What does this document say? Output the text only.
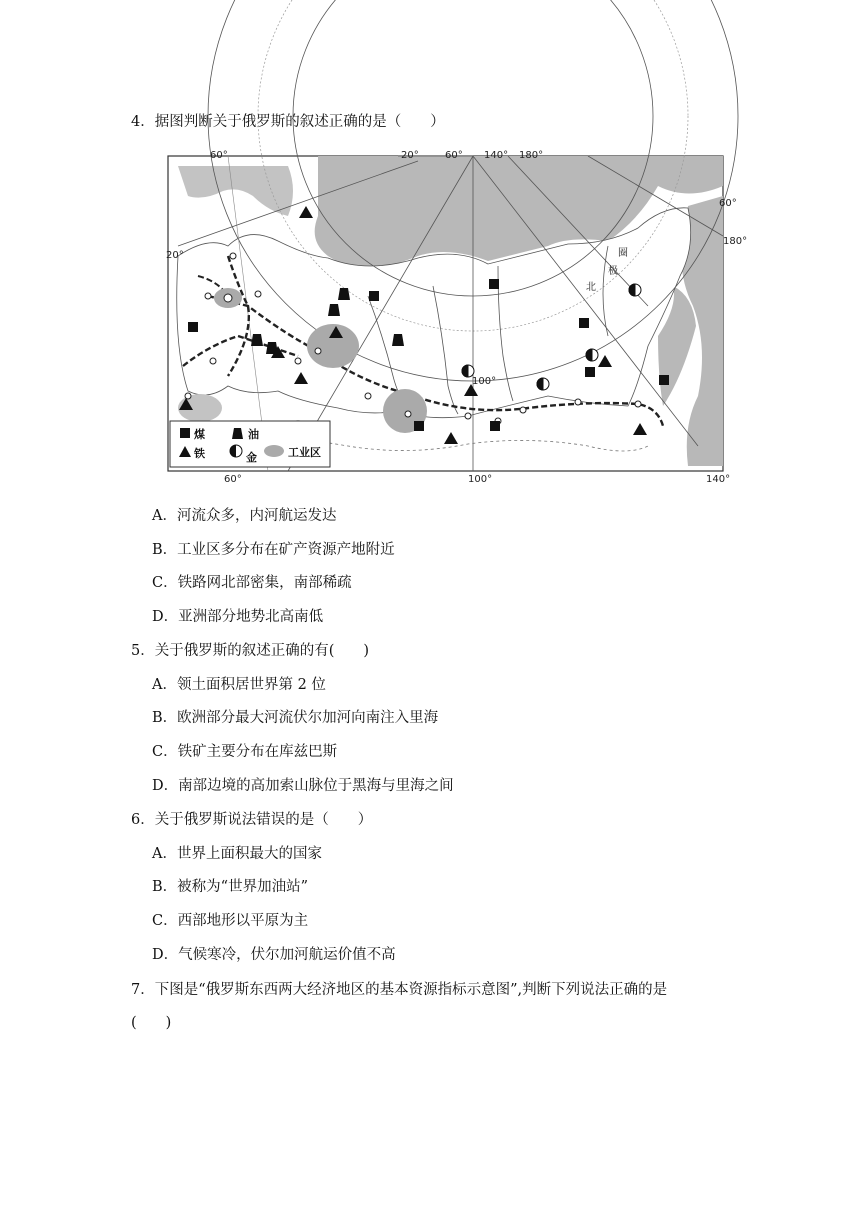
4．据图判断关于俄罗斯的叙述正确的是（　　）
煤	油
铁	金	工业区
60°	20°	60° 140° 180°
60°
180°
20°
60°	100°	140°
100°
圈
极
北
A．河流众多，内河航运发达
B．工业区多分布在矿产资源产地附近
C．铁路网北部密集，南部稀疏
D．亚洲部分地势北高南低
5．关于俄罗斯的叙述正确的有(　　)
A．领土面积居世界第 2 位
B．欧洲部分最大河流伏尔加河向南注入里海
C．铁矿主要分布在库兹巴斯
D．南部边境的高加索山脉位于黑海与里海之间
6．关于俄罗斯说法错误的是（　　）
A．世界上面积最大的国家
B．被称为“世界加油站”
C．西部地形以平原为主
D．气候寒冷，伏尔加河航运价值不高
7．下图是“俄罗斯东西两大经济地区的基本资源指标示意图”,判断下列说法正确的是
(　　)
